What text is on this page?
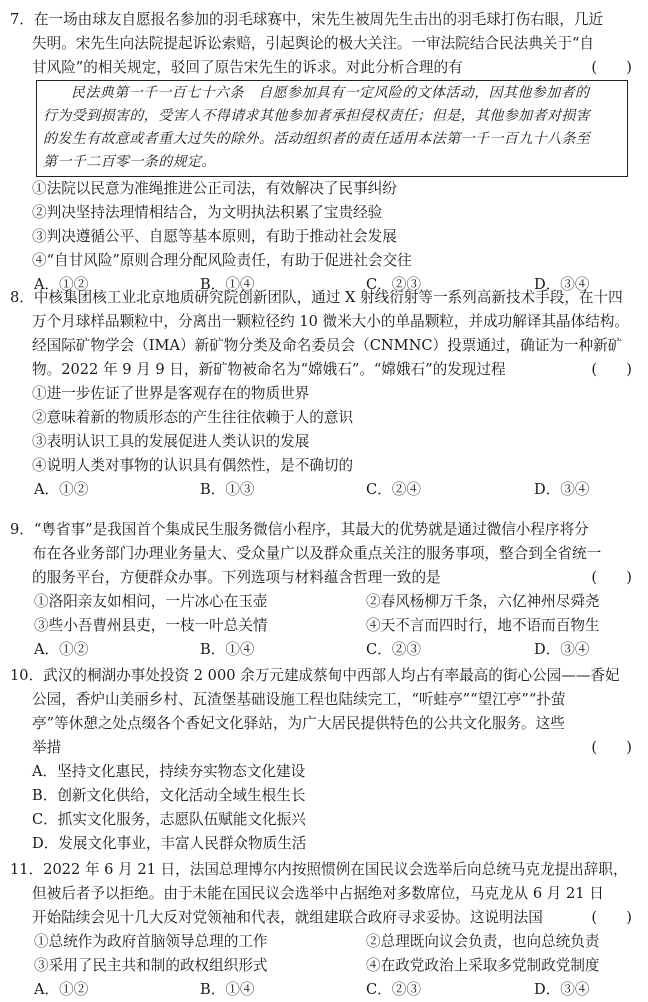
7．在一场由球友自愿报名参加的羽毛球赛中，宋先生被周先生击出的羽毛球打伤右眼，几近
失明。宋先生向法院提起诉讼索赔，引起舆论的极大关注。一审法院结合民法典关于“自
甘风险”的相关规定，驳回了原告宋先生的诉求。对此分析合理的有	(　　)
民法典第一千一百七十六条　自愿参加具有一定风险的文体活动，因其他参加者的
行为受到损害的，受害人不得请求其他参加者承担侵权责任；但是，其他参加者对损害
的发生有故意或者重大过失的除外。活动组织者的责任适用本法第一千一百九十八条至
第一千二百零一条的规定。
①法院以民意为准绳推进公正司法，有效解决了民事纠纷
②判决坚持法理情相结合，为文明执法积累了宝贵经验
③判决遵循公平、自愿等基本原则，有助于推动社会发展
④“自甘风险”原则合理分配风险责任，有助于促进社会交往
A．①②	B．①④	C．②③	D．③④
8．中核集团核工业北京地质研究院创新团队，通过 X 射线衍射等一系列高新技术手段，在十四
万个月球样品颗粒中，分离出一颗粒径约 10 微米大小的单晶颗粒，并成功解译其晶体结构。
经国际矿物学会（IMA）新矿物分类及命名委员会（CNMNC）投票通过，确证为一种新矿
物。2022 年 9 月 9 日，新矿物被命名为“嫦娥石”。“嫦娥石”的发现过程	(　　)
①进一步佐证了世界是客观存在的物质世界
②意味着新的物质形态的产生往往依赖于人的意识
③表明认识工具的发展促进人类认识的发展
④说明人类对事物的认识具有偶然性，是不确切的
A．①②	B．①③	C．②④	D．③④
9．“粤省事”是我国首个集成民生服务微信小程序，其最大的优势就是通过微信小程序将分
布在各业务部门办理业务量大、受众量广以及群众重点关注的服务事项，整合到全省统一
的服务平台，方便群众办事。下列选项与材料蕴含哲理一致的是	(　　)
①洛阳亲友如相问，一片冰心在玉壶	②春风杨柳万千条，六亿神州尽舜尧
③些小吾曹州县吏，一枝一叶总关情	④天不言而四时行，地不语而百物生
A．①②	B．①④	C．②③	D．③④
10．武汉的桐湖办事处投资 2 000 余万元建成蔡甸中西部人均占有率最高的街心公园——香妃
公园，香炉山美丽乡村、瓦渣堡基础设施工程也陆续完工，“听蛙亭”“望江亭”“扑萤
亭”等休憩之处点缀各个香妃文化驿站，为广大居民提供特色的公共文化服务。这些
举措	(　　)
A．坚持文化惠民，持续夯实物态文化建设
B．创新文化供给，文化活动全域生根生长
C．抓实文化服务，志愿队伍赋能文化振兴
D．发展文化事业，丰富人民群众物质生活
11．2022 年 6 月 21 日，法国总理博尔内按照惯例在国民议会选举后向总统马克龙提出辞职，
但被后者予以拒绝。由于未能在国民议会选举中占据绝对多数席位，马克龙从 6 月 21 日
开始陆续会见十几大反对党领袖和代表，就组建联合政府寻求妥协。这说明法国	(　　)
①总统作为政府首脑领导总理的工作	②总理既向议会负责，也向总统负责
③采用了民主共和制的政权组织形式	④在政党政治上采取多党制政党制度
A．①②	B．①④	C．②③	D．③④
